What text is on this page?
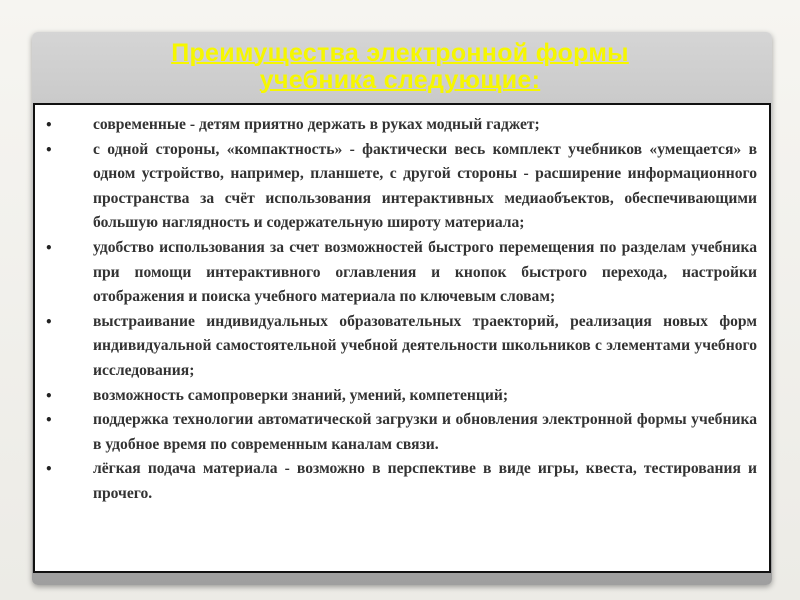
Преимущества электронной формы
учебника следующие:
•	современные - детям приятно держать в руках модный гаджет;
•	с одной стороны, «компактность» - фактически весь комплект учебников «умещается» в одном устройство, например, планшете, с другой стороны - расширение информационного пространства за счёт использования интерактивных медиаобъектов, обеспечивающими большую наглядность и содержательную широту материала;
•	удобство использования за счет возможностей быстрого перемещения по разделам учебника при помощи интерактивного оглавления и кнопок быстрого перехода, настройки отображения и поиска учебного материала по ключевым словам;
•	выстраивание индивидуальных образовательных траекторий, реализация новых форм индивидуальной самостоятельной учебной деятельности школьников с элементами учебного исследования;
•	возможность самопроверки знаний, умений, компетенций;
•	поддержка технологии автоматической загрузки и обновления электронной формы учебника в удобное время по современным каналам связи.
•	лёгкая подача материала - возможно в перспективе в виде игры, квеста, тестирования и прочего.
